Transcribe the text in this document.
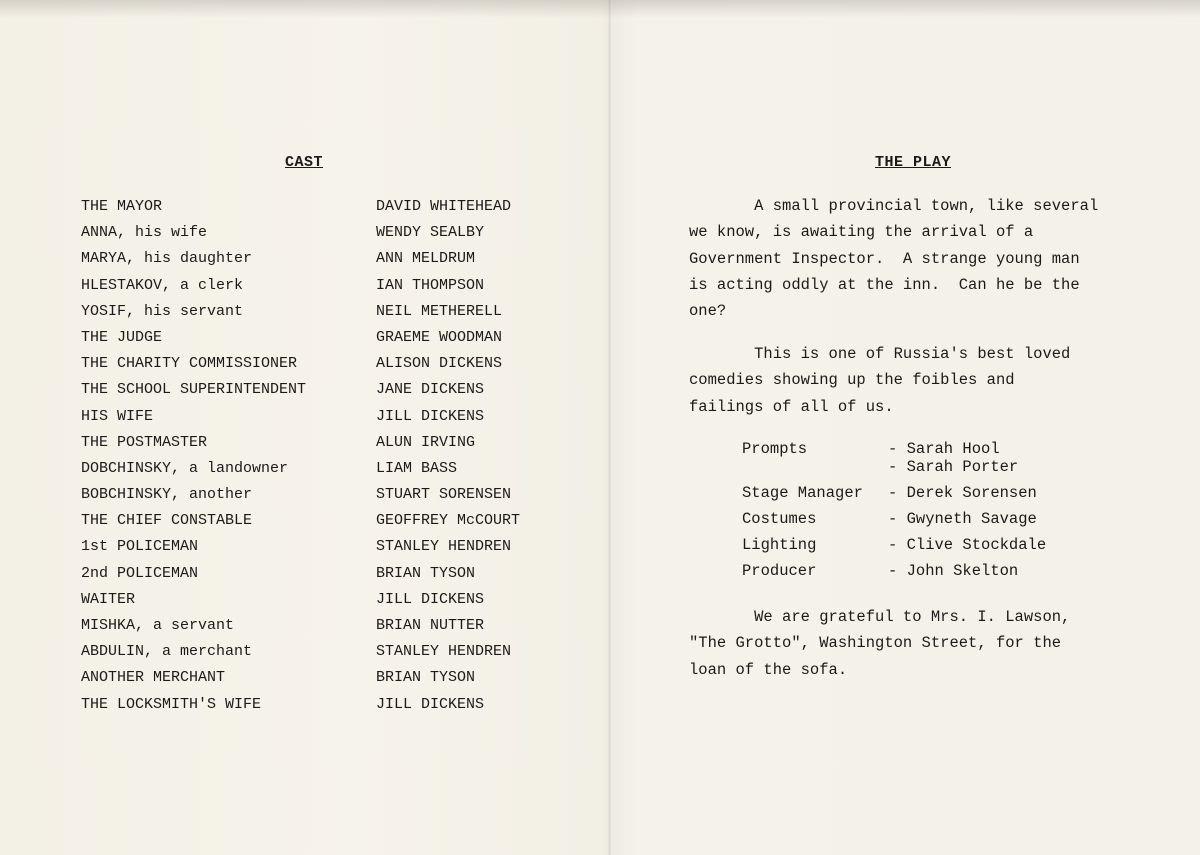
CAST
THE MAYOR	DAVID WHITEHEAD
ANNA, his wife	WENDY SEALBY
MARYA, his daughter	ANN MELDRUM
HLESTAKOV, a clerk	IAN THOMPSON
YOSIF, his servant	NEIL METHERELL
THE JUDGE	GRAEME WOODMAN
THE CHARITY COMMISSIONER	ALISON DICKENS
THE SCHOOL SUPERINTENDENT	JANE DICKENS
HIS WIFE	JILL DICKENS
THE POSTMASTER	ALUN IRVING
DOBCHINSKY, a landowner	LIAM BASS
BOBCHINSKY, another	STUART SORENSEN
THE CHIEF CONSTABLE	GEOFFREY McCOURT
1st POLICEMAN	STANLEY HENDREN
2nd POLICEMAN	BRIAN TYSON
WAITER	JILL DICKENS
MISHKA, a servant	BRIAN NUTTER
ABDULIN, a merchant	STANLEY HENDREN
ANOTHER MERCHANT	BRIAN TYSON
THE LOCKSMITH'S WIFE	JILL DICKENS
THE PLAY
A small provincial town, like several
we know, is awaiting the arrival of a
Government Inspector.  A strange young man
is acting oddly at the inn.  Can he be the
one?
This is one of Russia's best loved
comedies showing up the foibles and
failings of all of us.
Prompts	- Sarah Hool
- Sarah Porter
Stage Manager	- Derek Sorensen
Costumes	- Gwyneth Savage
Lighting	- Clive Stockdale
Producer	- John Skelton
We are grateful to Mrs. I. Lawson,
"The Grotto", Washington Street, for the
loan of the sofa.
